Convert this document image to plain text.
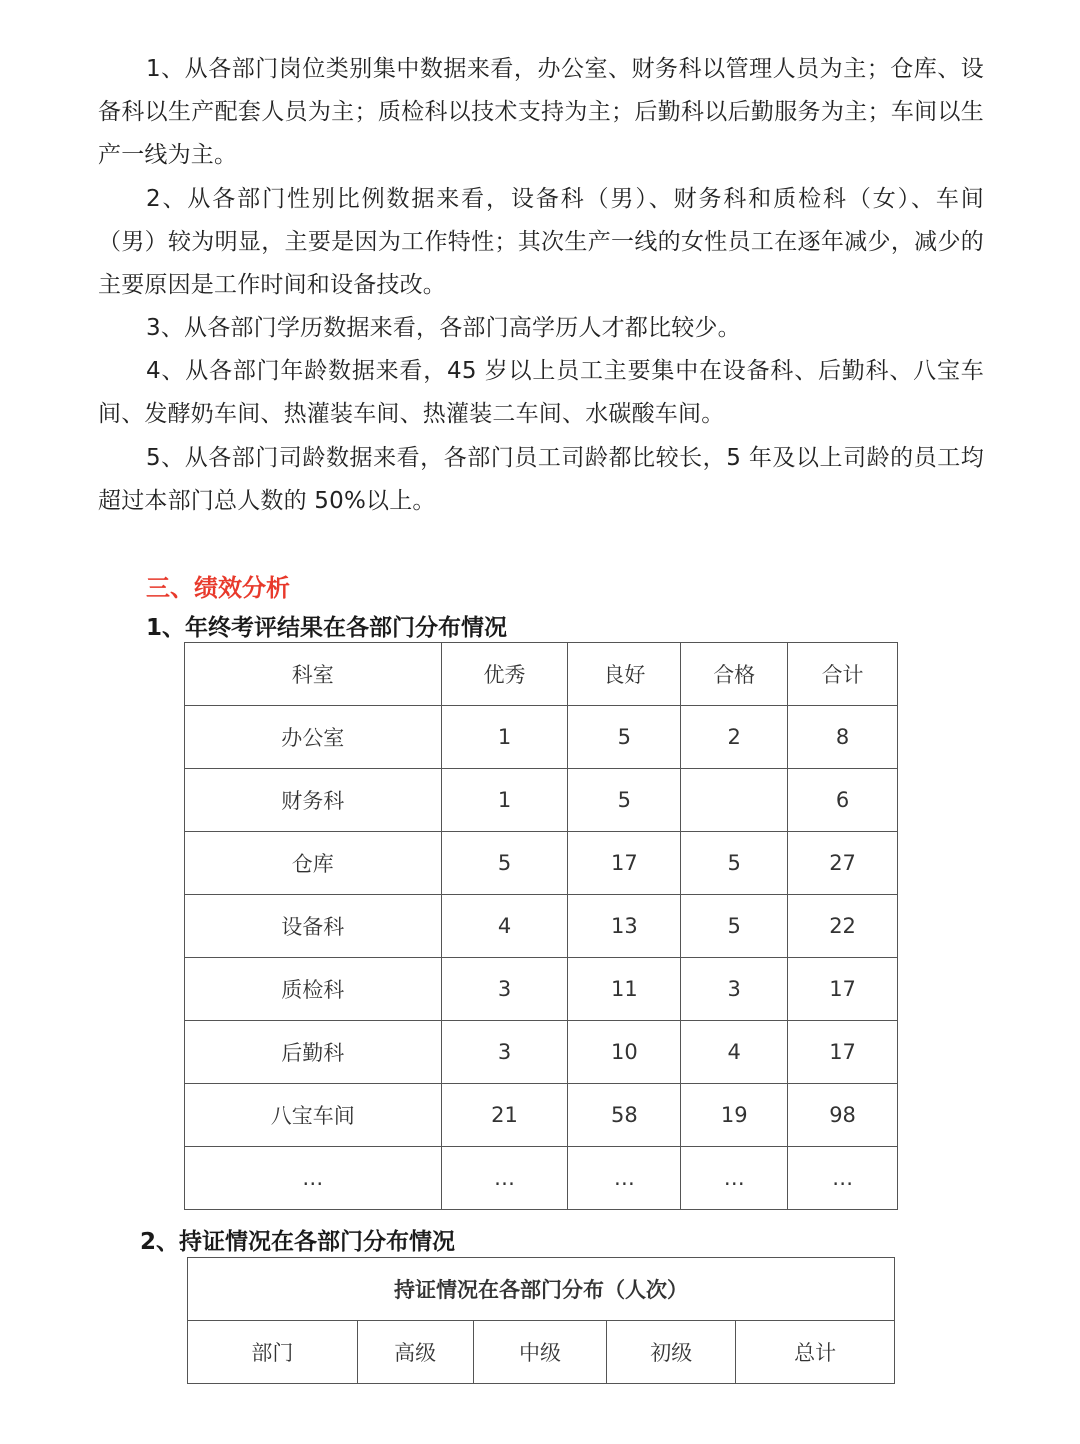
1、从各部门岗位类别集中数据来看，办公室、财务科以管理人员为主；仓库、设备科以生产配套人员为主；质检科以技术支持为主；后勤科以后勤服务为主；车间以生产一线为主。

2、从各部门性别比例数据来看，设备科（男）、财务科和质检科（女）、车间（男）较为明显，主要是因为工作特性；其次生产一线的女性员工在逐年减少，减少的主要原因是工作时间和设备技改。

3、从各部门学历数据来看，各部门高学历人才都比较少。

4、从各部门年龄数据来看，45 岁以上员工主要集中在设备科、后勤科、八宝车间、发酵奶车间、热灌装车间、热灌装二车间、水碳酸车间。

5、从各部门司龄数据来看，各部门员工司龄都比较长，5 年及以上司龄的员工均超过本部门总人数的 50%以上。

三、绩效分析
1、年终考评结果在各部门分布情况
科室	优秀	良好	合格	合计
办公室	1	5	2	8
财务科	1	5		6
仓库	5	17	5	27
设备科	4	13	5	22
质检科	3	11	3	17
后勤科	3	10	4	17
八宝车间	21	58	19	98
…	…	…	…	…
2、持证情况在各部门分布情况
持证情况在各部门分布（人次）
部门	高级	中级	初级	总计
